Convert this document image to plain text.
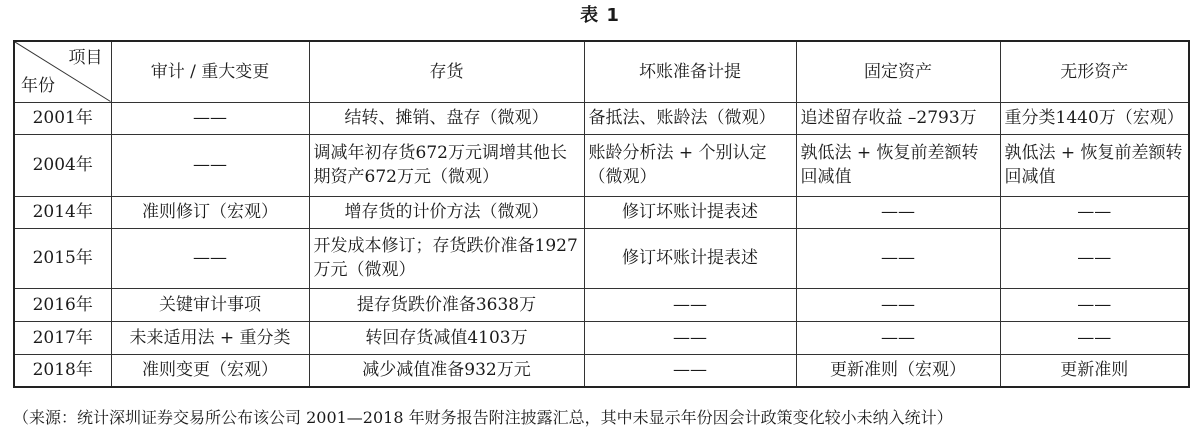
表 1
项目
年份	审计 / 重大变更	存货	坏账准备计提	固定资产	无形资产
2001年	——	结转、摊销、盘存（微观）	备抵法、账龄法（微观）	追述留存收益 –2793万	重分类1440万（宏观）
2004年	——	调减年初存货672万元调增其他长期资产672万元（微观）	账龄分析法 + 个别认定（微观）	孰低法 + 恢复前差额转回减值	孰低法 + 恢复前差额转回减值
2014年	准则修订（宏观）	增存货的计价方法（微观）	修订坏账计提表述	——	——
2015年	——	开发成本修订；存货跌价准备1927万元（微观）	修订坏账计提表述	——	——
2016年	关键审计事项	提存货跌价准备3638万	——	——	——
2017年	未来适用法 + 重分类	转回存货减值4103万	——	——	——
2018年	准则变更（宏观）	减少减值准备932万元	——	更新准则（宏观）	更新准则
（来源：统计深圳证券交易所公布该公司 2001—2018 年财务报告附注披露汇总，其中未显示年份因会计政策变化较小未纳入统计）
